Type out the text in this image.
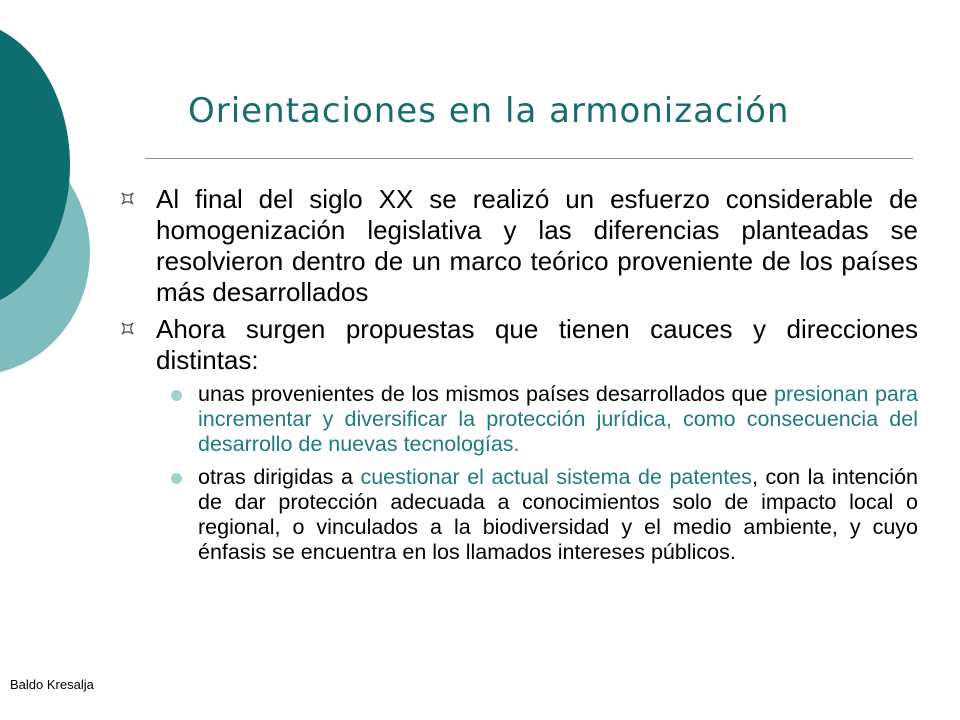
Orientaciones en la armonización
Al final del siglo XX se realizó un esfuerzo considerable de homogenización legislativa y las diferencias planteadas se resolvieron dentro de un marco teórico proveniente de los países más desarrollados
Ahora surgen propuestas que tienen cauces y direcciones distintas:
unas provenientes de los mismos países desarrollados que presionan para incrementar y diversificar la protección jurídica, como consecuencia del desarrollo de nuevas tecnologías.
otras dirigidas a cuestionar el actual sistema de patentes, con la intención de dar protección adecuada a conocimientos solo de impacto local o regional, o vinculados a la biodiversidad y el medio ambiente, y cuyo énfasis se encuentra en los llamados intereses públicos.
Baldo Kresalja
